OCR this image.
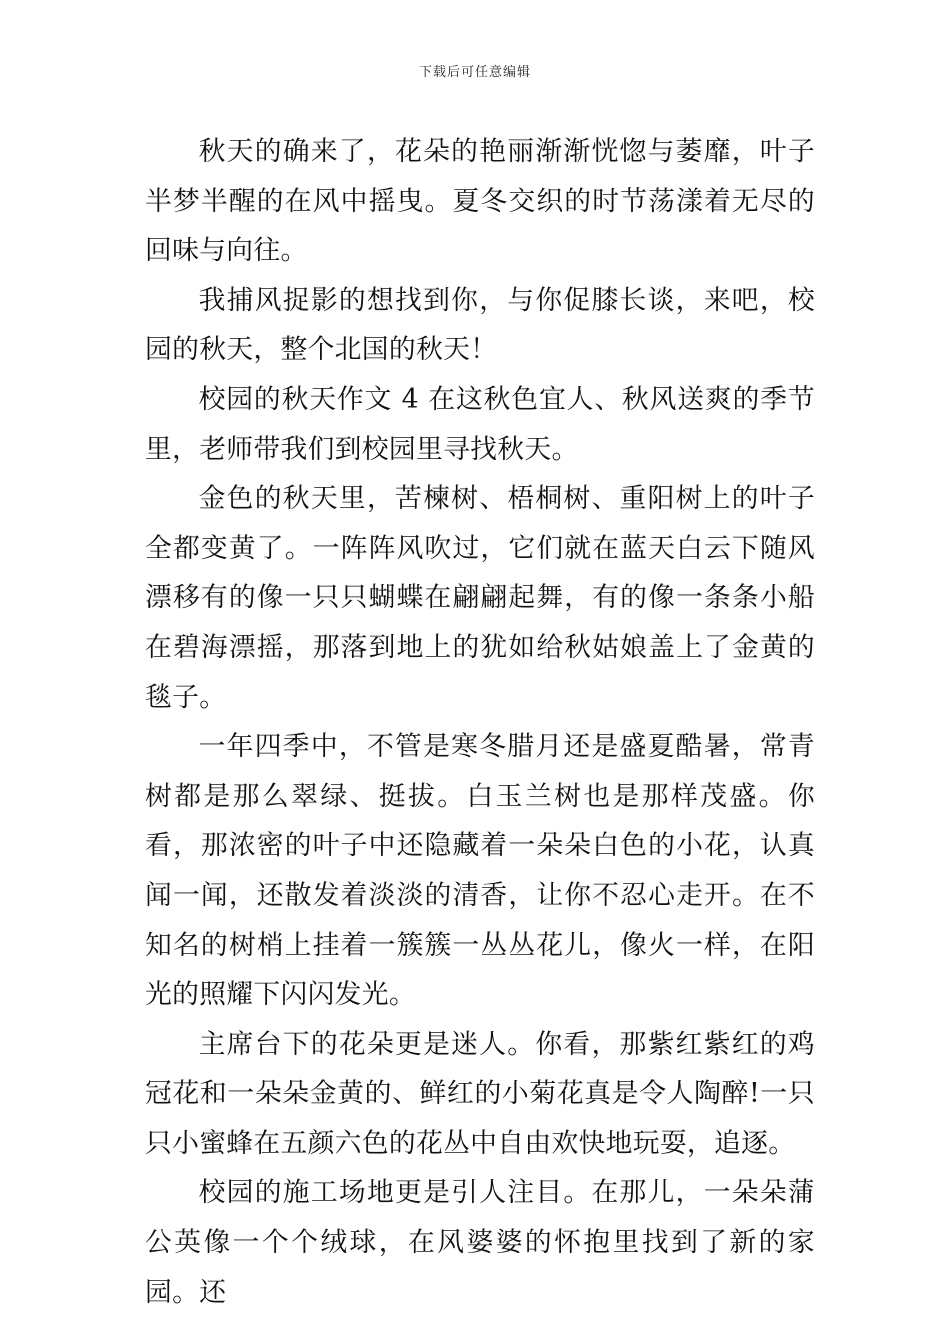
下载后可任意编辑

秋天的确来了，花朵的艳丽渐渐恍惚与萎靡，叶子半梦半醒的在风中摇曳。夏冬交织的时节荡漾着无尽的回味与向往。

我捕风捉影的想找到你，与你促膝长谈，来吧，校园的秋天，整个北国的秋天！

校园的秋天作文 4 在这秋色宜人、秋风送爽的季节里，老师带我们到校园里寻找秋天。

金色的秋天里，苦楝树、梧桐树、重阳树上的叶子全都变黄了。一阵阵风吹过，它们就在蓝天白云下随风漂移有的像一只只蝴蝶在翩翩起舞，有的像一条条小船在碧海漂摇，那落到地上的犹如给秋姑娘盖上了金黄的毯子。

一年四季中，不管是寒冬腊月还是盛夏酷暑，常青树都是那么翠绿、挺拔。白玉兰树也是那样茂盛。你看，那浓密的叶子中还隐藏着一朵朵白色的小花，认真闻一闻，还散发着淡淡的清香，让你不忍心走开。在不知名的树梢上挂着一簇簇一丛丛花儿，像火一样，在阳光的照耀下闪闪发光。

主席台下的花朵更是迷人。你看，那紫红紫红的鸡冠花和一朵朵金黄的、鲜红的小菊花真是令人陶醉!一只只小蜜蜂在五颜六色的花丛中自由欢快地玩耍，追逐。

校园的施工场地更是引人注目。在那儿，一朵朵蒲公英像一个个绒球，在风婆婆的怀抱里找到了新的家园。还
